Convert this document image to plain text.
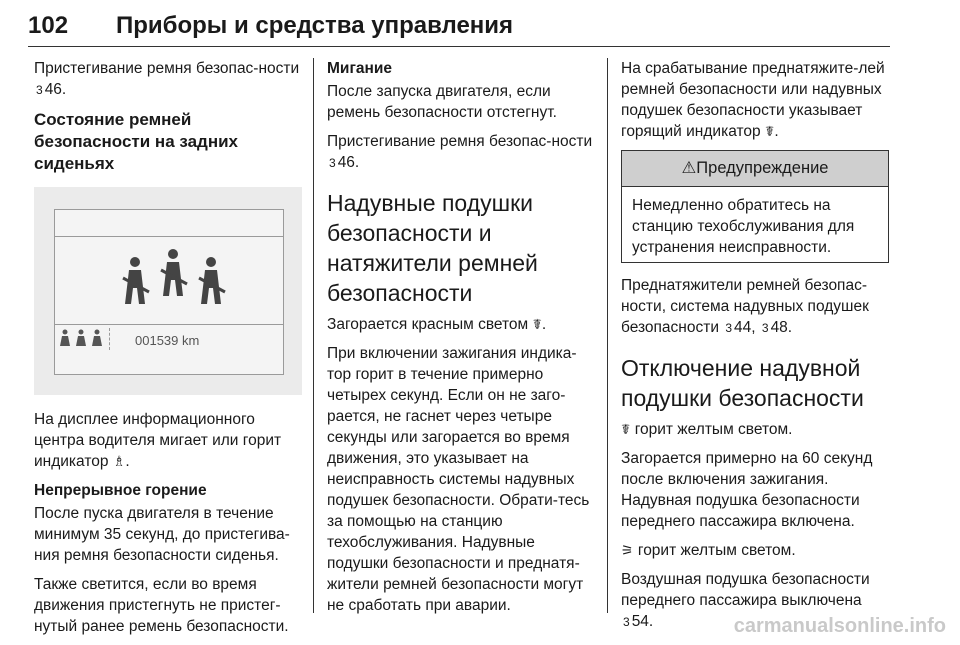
102 Приборы и средства управления

Пристегивание ремня безопас-ности 3 46.

Состояние ремней безопасности на задних сиденьях
001539 km

На дисплее информационного центра водителя мигает или горит индикатор ♗.

Непрерывное горение

После пуска двигателя в течение минимум 35 секунд, до пристегива-ния ремня безопасности сиденья.

Также светится, если во время движения пристегнуть не пристег-нутый ранее ремень безопасности.

Мигание

После запуска двигателя, если ремень безопасности отстегнут.

Пристегивание ремня безопас-ности 3 46.

Надувные подушки безопасности и натяжители ремней безопасности

Загорается красным светом ☤.

При включении зажигания индика-тор горит в течение примерно четырех секунд. Если он не заго-рается, не гаснет через четыре секунды или загорается во время движения, это указывает на неисправность системы надувных подушек безопасности. Обрати-тесь за помощью на станцию техобслуживания. Надувные подушки безопасности и преднатя-жители ремней безопасности могут не сработать при аварии.

На срабатывание преднатяжите-лей ремней безопасности или надувных подушек безопасности указывает горящий индикатор ☤.

⚠Предупреждение
Немедленно обратитесь на станцию техобслуживания для устранения неисправности.

Преднатяжители ремней безопас-ности, система надувных подушек безопасности 3 44, 3 48.

Отключение надувной подушки безопасности

☤ горит желтым светом.

Загорается примерно на 60 секунд после включения зажигания. Надувная подушка безопасности переднего пассажира включена.

⚞ горит желтым светом.

Воздушная подушка безопасности переднего пассажира выключена
3 54.	carmanualsonline.info
